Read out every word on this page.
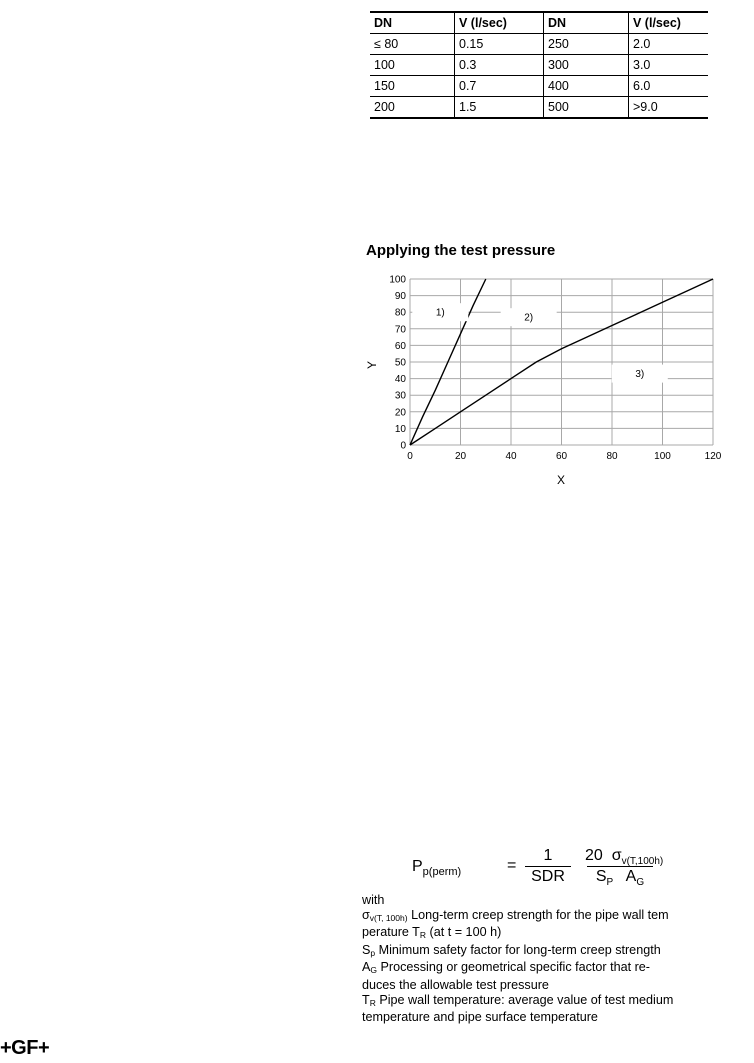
DN	V (l/sec)	DN	V (l/sec)
≤ 80	0.15	250	2.0
100	0.3	300	3.0
150	0.7	400	6.0
200	1.5	500	>9.0
Applying the test pressure
0
10
20
30
40
50
60
70
80
90
100
0	20	40	60	80	100	120
1)	2)
3)
X
Y
$P_{p(perm)}$	=
1
SDR
20 $\sigma_{v(T,100h)}$
$S_P$ $A_G$
with
$\sigma_{v(T, 100h)}$ Long-term creep strength for the pipe wall tem
perature $T_R$ (at t = 100 h)
$S_p$ Minimum safety factor for long-term creep strength
$A_G$ Processing or geometrical specific factor that re-
duces the allowable test pressure
$T_R$ Pipe wall temperature: average value of test medium
temperature and pipe surface temperature
+GF+
